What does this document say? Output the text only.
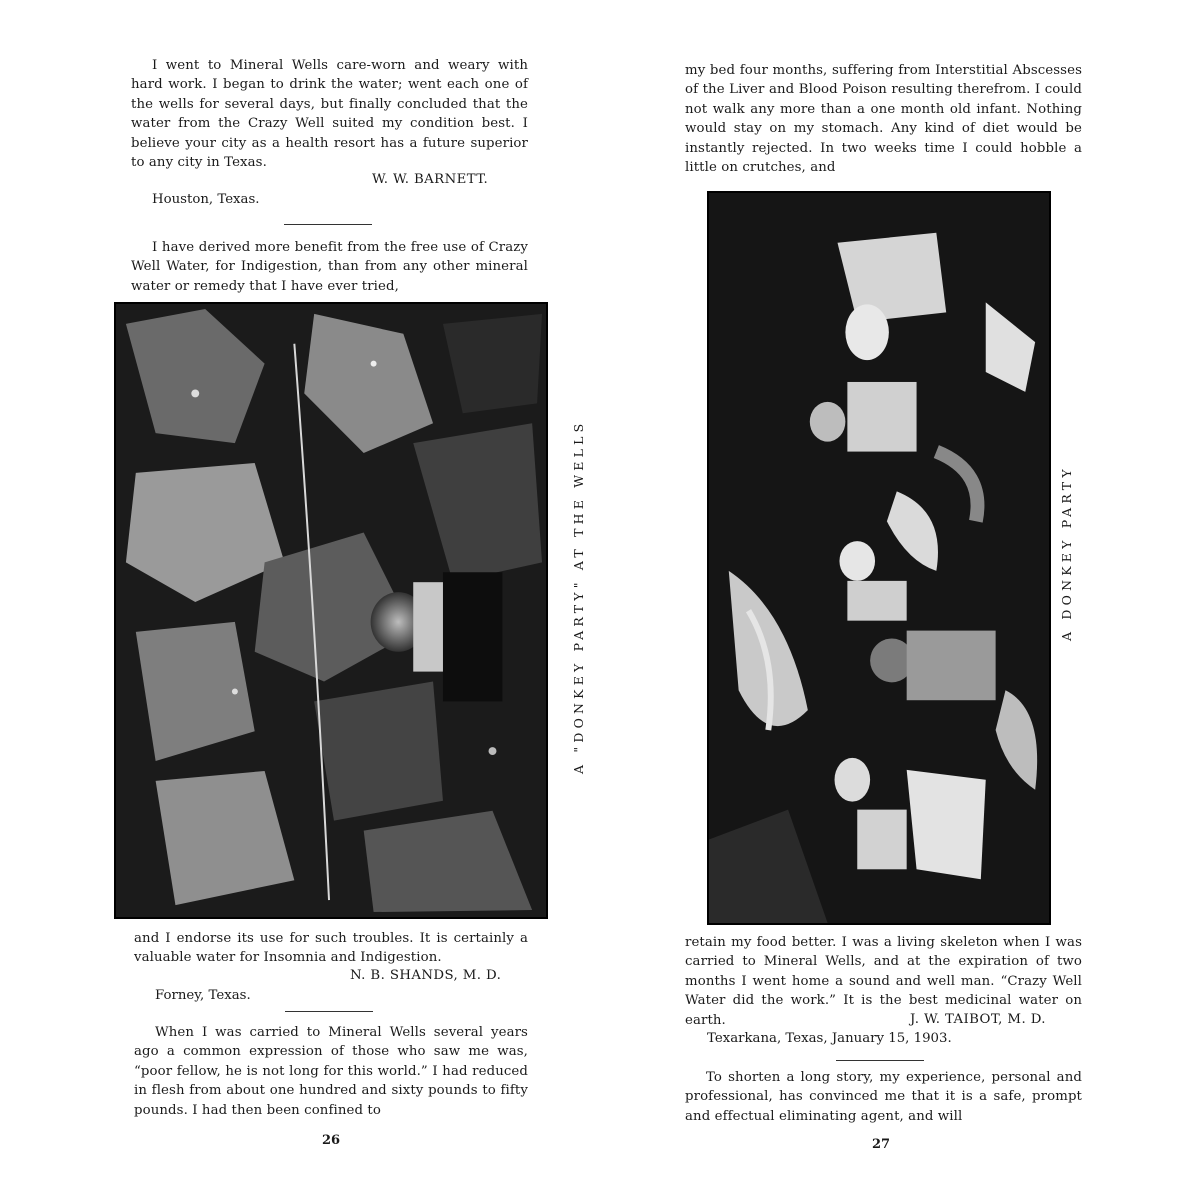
I went to Mineral Wells care-worn and weary with hard work. I began to drink the water; went each one of the wells for several days, but finally concluded that the water from the Crazy Well suited my condition best. I believe your city as a health resort has a future superior to any city in Texas.

W. W. BARNETT.
Houston, Texas.

I have derived more benefit from the free use of Crazy Well Water, for Indigestion, than from any other mineral water or remedy that I have ever tried,

A "DONKEY PARTY" AT THE WELLS

and I endorse its use for such troubles. It is certainly a valuable water for Insomnia and Indigestion.

N. B. SHANDS, M. D.
Forney, Texas.

When I was carried to Mineral Wells several years ago a common expression of those who saw me was, “poor fellow, he is not long for this world.” I had reduced in flesh from about one hundred and sixty pounds to fifty pounds. I had then been confined to

26

my bed four months, suffering from Interstitial Abscesses of the Liver and Blood Poison resulting therefrom. I could not walk any more than a one month old infant. Nothing would stay on my stomach. Any kind of diet would be instantly rejected. In two weeks time I could hobble a little on crutches, and

A DONKEY PARTY

retain my food better. I was a living skeleton when I was carried to Mineral Wells, and at the expiration of two months I went home a sound and well man. “Crazy Well Water did the work.” It is the best medicinal water on earth.	J. W. TAIBOT, M. D.
Texarkana, Texas, January 15, 1903.

To shorten a long story, my experience, personal and professional, has convinced me that it is a safe, prompt and effectual eliminating agent, and will

27
